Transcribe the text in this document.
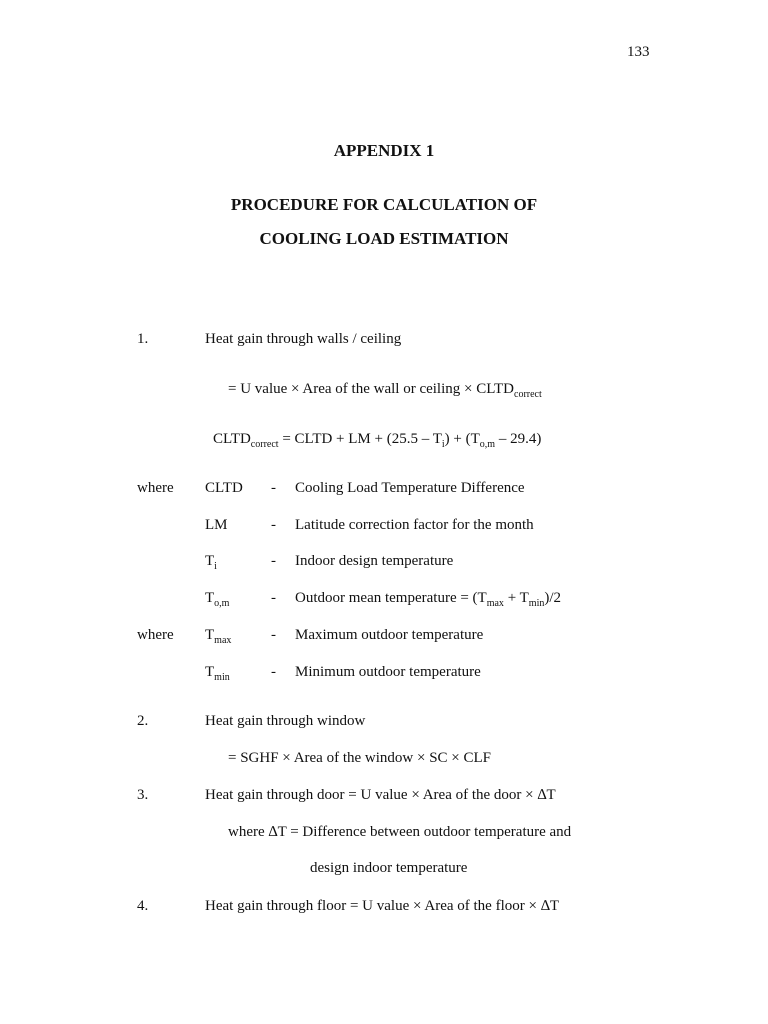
133
APPENDIX 1
PROCEDURE FOR CALCULATION OF
COOLING LOAD ESTIMATION
1.	Heat gain through walls / ceiling
= U value × Area of the wall or ceiling × $CLTD_{correct}$
$CLTD_{correct}$ = CLTD + LM + $(25.5 - T_i) + (T_{o,m} - 29.4)$
where CLTD - Cooling Load Temperature Difference
LM	- Latitude correction factor for the month
$T_i$	- Indoor design temperature
$T_{o,m}$	- Outdoor mean temperature = $(T_{max} + T_{min})/2$
where $T_{max}$	- Maximum outdoor temperature
$T_{min}$	- Minimum outdoor temperature
2.	Heat gain through window
= SGHF × Area of the window × SC × CLF
3.	Heat gain through door = U value × Area of the door × ∆T
where ∆T = Difference between outdoor temperature and
design indoor temperature
4.	Heat gain through floor = U value × Area of the floor × ∆T
